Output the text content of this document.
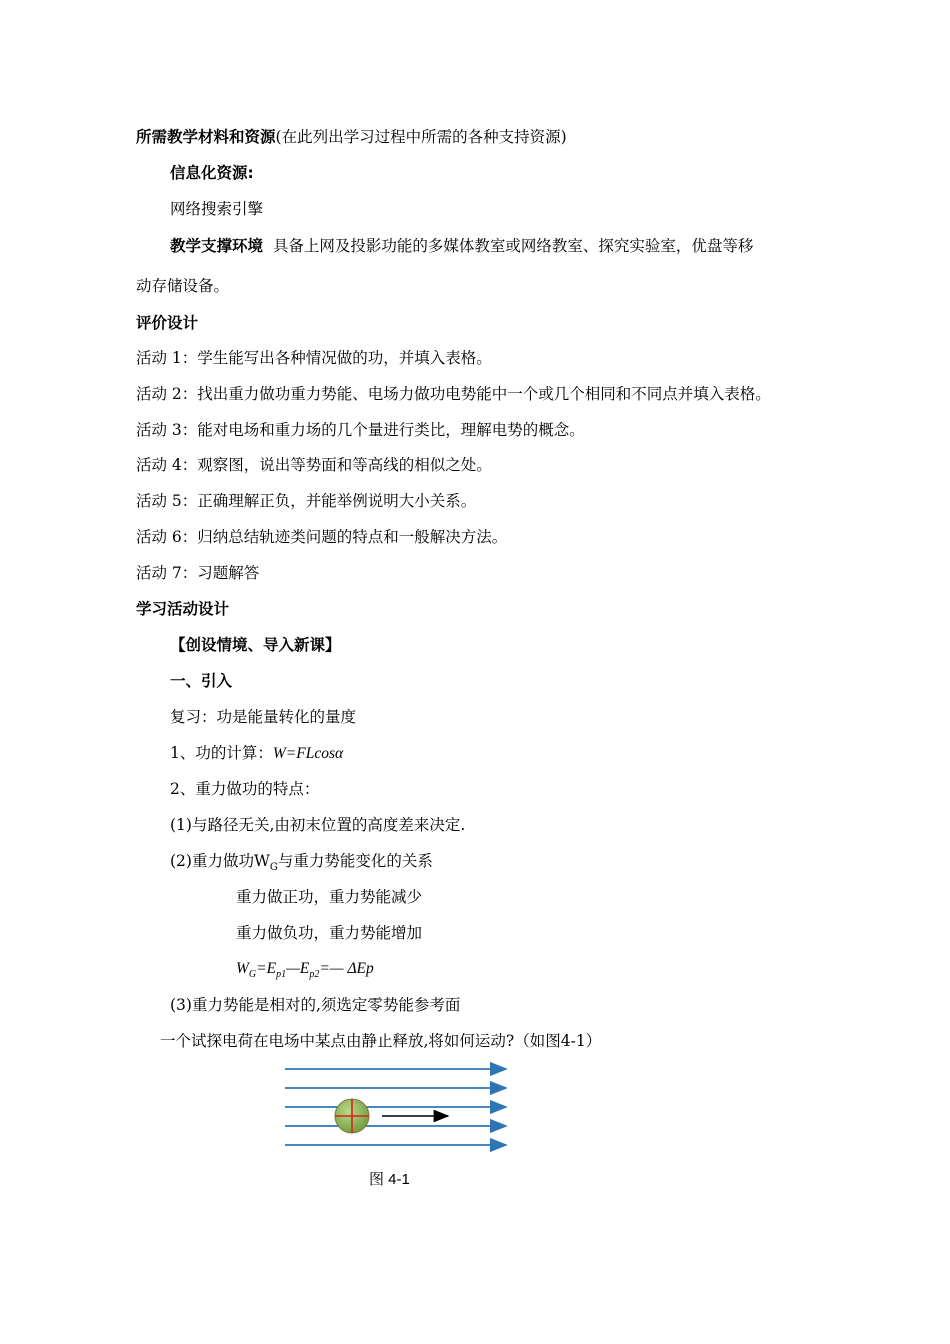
所需教学材料和资源(在此列出学习过程中所需的各种支持资源)
信息化资源:
网络搜索引擎
教学支撑环境 具备上网及投影功能的多媒体教室或网络教室、探究实验室，优盘等移
动存储设备。
评价设计
活动 1：学生能写出各种情况做的功，并填入表格。
活动 2：找出重力做功重力势能、电场力做功电势能中一个或几个相同和不同点并填入表格。
活动 3：能对电场和重力场的几个量进行类比，理解电势的概念。
活动 4：观察图，说出等势面和等高线的相似之处。
活动 5：正确理解正负，并能举例说明大小关系。
活动 6：归纳总结轨迹类问题的特点和一般解决方法。
活动 7：习题解答
学习活动设计
【创设情境、导入新课】
一、引入
复习：功是能量转化的量度
1、功的计算：W=FLcosα
2、重力做功的特点：
(1)与路径无关,由初末位置的高度差来决定.
(2)重力做功$W_G$与重力势能变化的关系
重力做正功，重力势能减少
重力做负功，重力势能增加
$W_G=E_{p1}—E_{p2}=—$ ΔEp
(3)重力势能是相对的,须选定零势能参考面
一个试探电荷在电场中某点由静止释放,将如何运动?（如图4-1）
图 4-1
